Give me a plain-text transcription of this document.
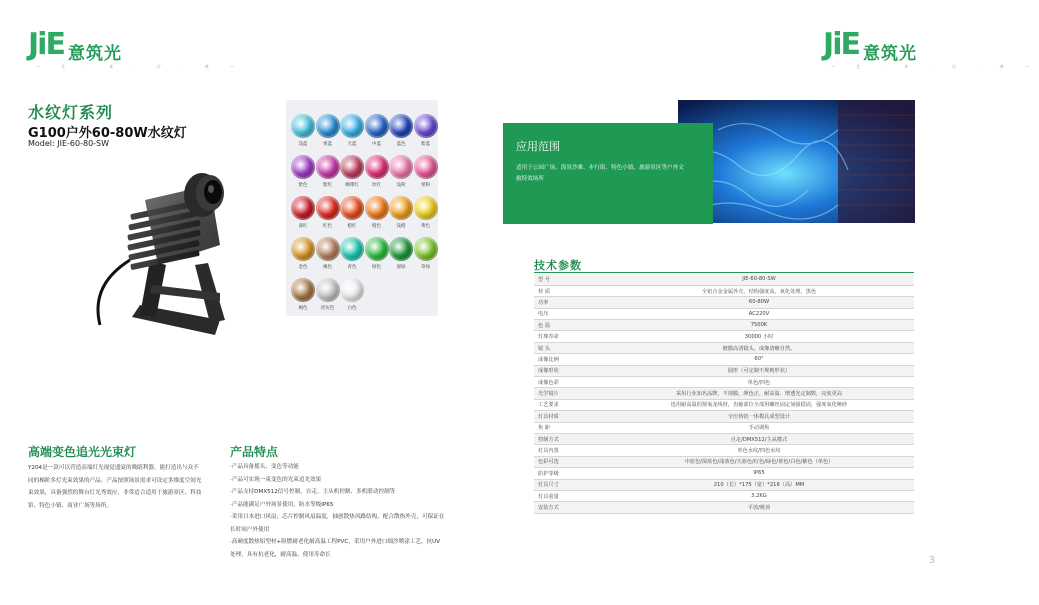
JiE 意筑光
— 生 · 来 · 行 · 善 —
水纹灯系列
G100户外60-80W水纹灯
Model: JIE-60-80-SW	浅蓝	果蓝	天蓝	中蓝	蓝色	紫蓝
紫色	紫红	咖啡红	玫红	浅粉	果粉
深红	红色	橙红	橙色	浅橙	黄色
金色	褐色	青色	绿色	深绿	草绿
褐色	淡灰色	白色
高端变色追光光束灯
Y204是一款可以营造高端灯光视觉盛宴的吸睛利器，能打造出与众不同的梯阶多灯光束效果的产品。产品按照场景需求可设定多维度空间光束效果，具备强烈的舞台灯光秀效应，非常适合适用于旅游景区、科技馆、特色小镇、商业广场等场所。
产品特点
·产品具备摇头、变色等功能
·产品可实现一束变色的光束追光效果
·产品支持DMX512信号控制，自走、主从机控制、多机联动控制等
·产品能满足户外场景使用，防水等级IP65
·采用日本进口风扇，芯片控制风扇温度，抽创散热风路结构，配合散热外壳，可保证在长时间户外使用
·高硬度散热铝型材+阻燃耐老化耐高温工程PVC，采用户外进口细沙喷涂工艺，抗UV处理，具有抗老化，耐高温，使用寿命长
JiE 意筑光
— 生 · 来 · 行 · 善 —
应用范围
适用于公园广场、海景沙滩、步行街、特色小镇、旅游景区等户外文旅特效场所
技术参数
型 号	JIE-60-80-SW
材 质	全铝合金金属外壳，结构强度高，氧化处理，黑色
功率	60-80W
电压	AC220V
色 温	7500K
灯珠寿命	30000 小时
镜 头	镀膜高清镜头，成像清晰自然。
成像比例	60°
成像形状	圆形（可定制不规则形状）
成像色彩	单色/四色
光学镜片	采用行业知名品牌，不掉膜，颜色正，耐高温，增透光定制数，亮度更高
工艺要求	选用耐高温的预氧龙线材，齿轴部位全部用螺丝固定加强稳固，强度氧化哑砂
灯具材质	全压铸铝一体模具成型设计
焦 距	手动调焦
控制方式	自走/DMX512/主从模式
灯具内置	单色水纹/四色水纹
色彩可选	中蓝色/深蓝色/浅蓝色/天蓝色/红色/绿色/黄色/白色/紫色（单色）
防护等级	IP65
灯具尺寸	210（长）*175（宽）*218（高）MM
灯具重量	3.2KG
安装方式	平放/吸顶
3
